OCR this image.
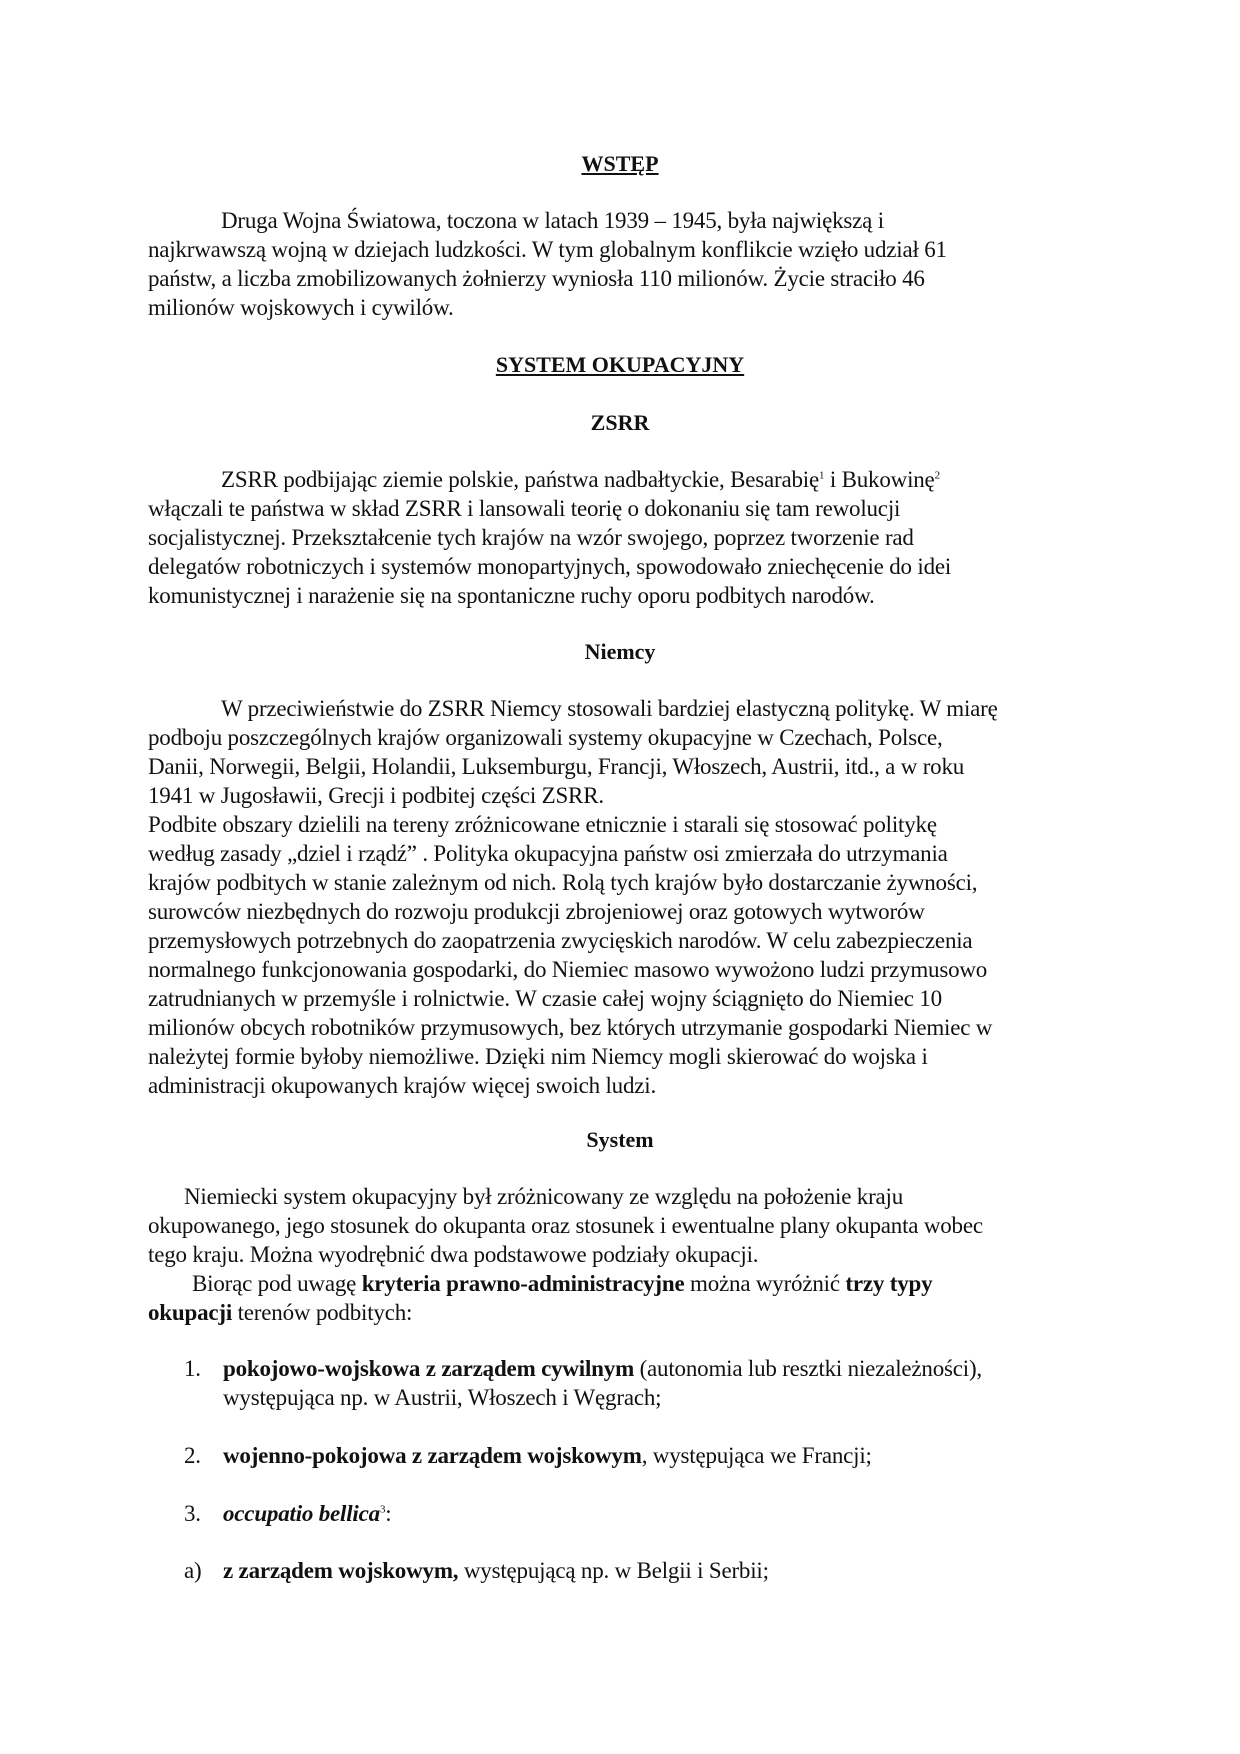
WSTĘP
SYSTEM OKUPACYJNY
ZSRR
Niemcy
System
Druga Wojna Światowa, toczona w latach 1939 – 1945, była największą i
najkrwawszą wojną w dziejach ludzkości. W tym globalnym konflikcie wzięło udział 61
państw, a liczba zmobilizowanych żołnierzy wyniosła 110 milionów. Życie straciło 46
milionów wojskowych i cywilów.
ZSRR podbijając ziemie polskie, państwa nadbałtyckie, Besarabię$^1$ i Bukowinę$^2$
włączali te państwa w skład ZSRR i lansowali teorię o dokonaniu się tam rewolucji
socjalistycznej. Przekształcenie tych krajów na wzór swojego, poprzez tworzenie rad
delegatów robotniczych i systemów monopartyjnych, spowodowało zniechęcenie do idei
komunistycznej i narażenie się na spontaniczne ruchy oporu podbitych narodów.
W przeciwieństwie do ZSRR Niemcy stosowali bardziej elastyczną politykę. W miarę
podboju poszczególnych krajów organizowali systemy okupacyjne w Czechach, Polsce,
Danii, Norwegii, Belgii, Holandii, Luksemburgu, Francji, Włoszech, Austrii, itd., a w roku
1941 w Jugosławii, Grecji i podbitej części ZSRR.
Podbite obszary dzielili na tereny zróżnicowane etnicznie i starali się stosować politykę
według zasady „dziel i rządź” . Polityka okupacyjna państw osi zmierzała do utrzymania
krajów podbitych w stanie zależnym od nich. Rolą tych krajów było dostarczanie żywności,
surowców niezbędnych do rozwoju produkcji zbrojeniowej oraz gotowych wytworów
przemysłowych potrzebnych do zaopatrzenia zwycięskich narodów. W celu zabezpieczenia
normalnego funkcjonowania gospodarki, do Niemiec masowo wywożono ludzi przymusowo
zatrudnianych w przemyśle i rolnictwie. W czasie całej wojny ściągnięto do Niemiec 10
milionów obcych robotników przymusowych, bez których utrzymanie gospodarki Niemiec w
należytej formie byłoby niemożliwe. Dzięki nim Niemcy mogli skierować do wojska i
administracji okupowanych krajów więcej swoich ludzi.
Niemiecki system okupacyjny był zróżnicowany ze względu na położenie kraju
okupowanego, jego stosunek do okupanta oraz stosunek i ewentualne plany okupanta wobec
tego kraju. Można wyodrębnić dwa podstawowe podziały okupacji.
Biorąc pod uwagę kryteria prawno-administracyjne można wyróżnić trzy typy
okupacji terenów podbitych:
1. pokojowo-wojskowa z zarządem cywilnym (autonomia lub resztki niezależności),
występująca np. w Austrii, Włoszech i Węgrach;
2. wojenno-pokojowa z zarządem wojskowym, występująca we Francji;
3. occupatio bellica$^3$:
a) z zarządem wojskowym, występującą np. w Belgii i Serbii;
